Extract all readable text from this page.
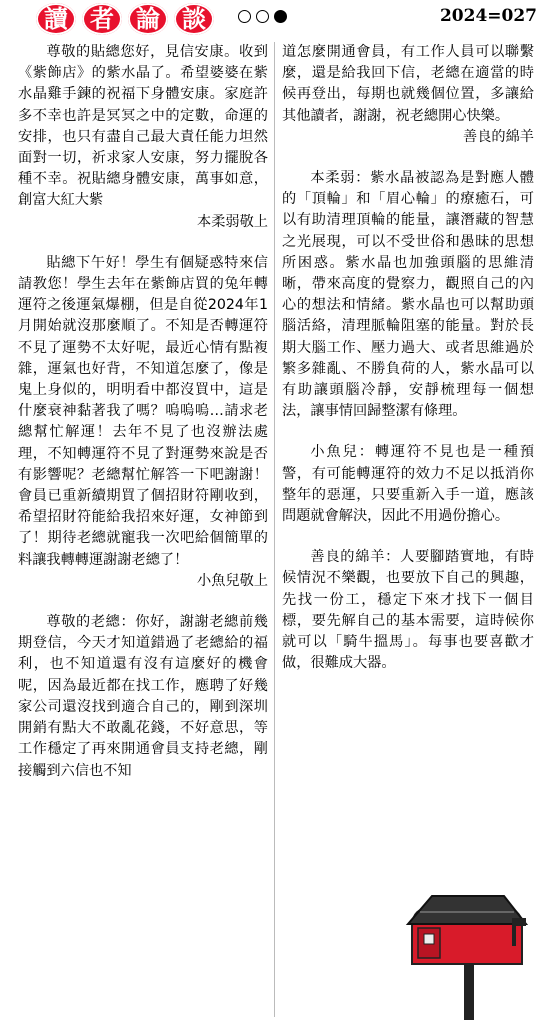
讀 者 論 談	2024=027

尊敬的貼總您好，見信安康。收到《紫飾店》的紫水晶了。希望婆婆在紫水晶雞手鍊的祝福下身體安康。家庭許多不幸也許是冥冥之中的定數，命運的安排，也只有盡自己最大責任能力坦然面對一切，祈求家人安康，努力擺脫各種不幸。祝貼總身體安康，萬事如意，創富大紅大紫

本柔弱敬上

貼總下午好！學生有個疑惑特來信請教您！學生去年在紫飾店買的兔年轉運符之後運氣爆棚，但是自從2024年1月開始就沒那麼順了。不知是否轉運符不見了運勢不太好呢，最近心情有點複雜，運氣也好背，不知道怎麼了，像是鬼上身似的，明明看中都沒買中，這是什麼衰神黏著我了嗎？嗚嗚嗚…請求老總幫忙解運！去年不見了也沒辦法處理，不知轉運符不見了對運勢來說是否有影響呢？老總幫忙解答一下吧謝謝！會員已重新續期買了個招財符剛收到，希望招財符能給我招來好運，女神節到了！期待老總就寵我一次吧給個簡單的料讓我轉轉運謝謝老總了！

小魚兒敬上

尊敬的老總：你好，謝謝老總前幾期登信，今天才知道錯過了老總給的福利，也不知道還有沒有這麼好的機會呢，因為最近都在找工作，應聘了好幾家公司還沒找到適合自己的，剛到深圳開銷有點大不敢亂花錢，不好意思，等工作穩定了再來開通會員支持老總，剛接觸到六信也不知

道怎麼開通會員，有工作人員可以聯繫麼，還是給我回下信，老總在適當的時候再登出，每期也就幾個位置，多讓給其他讀者，謝謝，祝老總開心快樂。

善良的綿羊

本柔弱：紫水晶被認為是對應人體的「頂輪」和「眉心輪」的療癒石，可以有助清理頂輪的能量，讓潛藏的智慧之光展現，可以不受世俗和愚昧的思想所困惑。紫水晶也加強頭腦的思維清晰，帶來高度的覺察力，觀照自己的內心的想法和情緒。紫水晶也可以幫助頭腦活絡，清理脈輪阻塞的能量。對於長期大腦工作、壓力過大、或者思維過於繁多雜亂、不勝負荷的人，紫水晶可以有助讓頭腦冷靜，安靜梳理每一個想法，讓事情回歸整潔有條理。

小魚兒：轉運符不見也是一種預警，有可能轉運符的效力不足以抵消你整年的惡運，只要重新入手一道，應該問題就會解決，因此不用過份擔心。

善良的綿羊：人要腳踏實地，有時候情況不樂觀，也要放下自己的興趣，先找一份工，穩定下來才找下一個目標，要先解自己的基本需要，這時候你就可以「騎牛搵馬」。每事也要喜歡才做，很難成大器。
